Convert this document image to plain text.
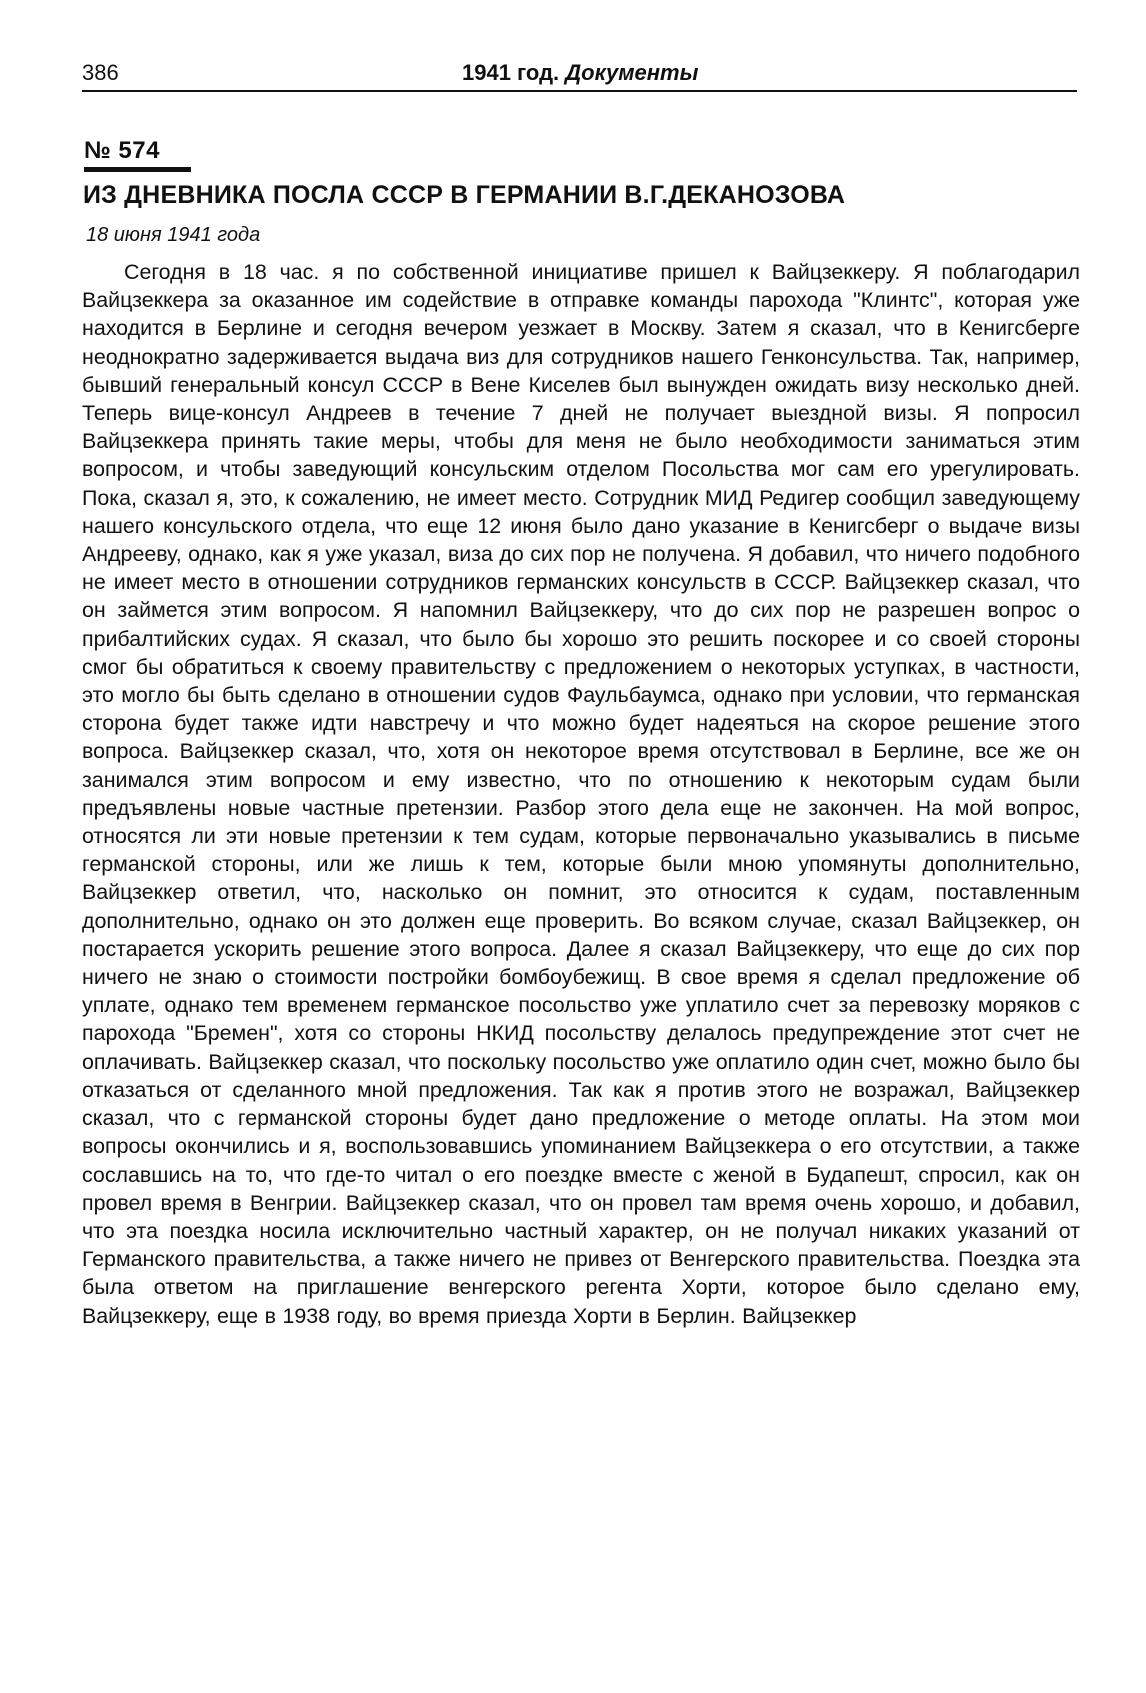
386	1941 год. Документы
№ 574
ИЗ ДНЕВНИКА ПОСЛА СССР В ГЕРМАНИИ В.Г.ДЕКАНОЗОВА
18 июня 1941 года

Сегодня в 18 час. я по собственной инициативе пришел к Вайцзеккеру. Я поблагодарил Вайцзеккера за оказанное им содействие в отправке команды парохода "Клинтс", которая уже находится в Берлине и сегодня вечером уезжает в Москву. Затем я сказал, что в Кенигсберге неоднократно задерживается выдача виз для сотрудников нашего Генконсульства. Так, например, бывший генеральный консул СССР в Вене Киселев был вынужден ожидать визу несколько дней. Теперь вице-консул Андреев в течение 7 дней не получает выездной визы. Я попросил Вайцзеккера принять такие меры, чтобы для меня не было необходимости заниматься этим вопросом, и чтобы заведующий консульским отделом Посольства мог сам его урегулировать. Пока, сказал я, это, к сожалению, не имеет место. Сотрудник МИД Редигер сообщил заведующему нашего консульского отдела, что еще 12 июня было дано указание в Кенигсберг о выдаче визы Андрееву, однако, как я уже указал, виза до сих пор не получена. Я добавил, что ничего подобного не имеет место в отношении сотрудников германских консульств в СССР. Вайцзеккер сказал, что он займется этим вопросом. Я напомнил Вайцзеккеру, что до сих пор не разрешен вопрос о прибалтийских судах. Я сказал, что было бы хорошо это решить поскорее и со своей стороны смог бы обратиться к своему правительству с предложением о некоторых уступках, в частности, это могло бы быть сделано в отношении судов Фаульбаумса, однако при условии, что германская сторона будет также идти навстречу и что можно будет надеяться на скорое решение этого вопроса. Вайцзеккер сказал, что, хотя он некоторое время отсутствовал в Берлине, все же он занимался этим вопросом и ему известно, что по отношению к некоторым судам были предъявлены новые частные претензии. Разбор этого дела еще не закончен. На мой вопрос, относятся ли эти новые претензии к тем судам, которые первоначально указывались в письме германской стороны, или же лишь к тем, которые были мною упомянуты дополнительно, Вайцзеккер ответил, что, насколько он помнит, это относится к судам, поставленным дополнительно, однако он это должен еще проверить. Во всяком случае, сказал Вайцзеккер, он постарается ускорить решение этого вопроса. Далее я сказал Вайцзеккеру, что еще до сих пор ничего не знаю о стоимости постройки бомбоубежищ. В свое время я сделал предложение об уплате, однако тем временем германское посольство уже уплатило счет за перевозку моряков с парохода "Бремен", хотя со стороны НКИД посольству делалось предупреждение этот счет не оплачивать. Вайцзеккер сказал, что поскольку посольство уже оплатило один счет, можно было бы отказаться от сделанного мной предложения. Так как я против этого не возражал, Вайцзеккер сказал, что с германской стороны будет дано предложение о методе оплаты. На этом мои вопросы окончились и я, воспользовавшись упоминанием Вайцзеккера о его отсутствии, а также сославшись на то, что где-то читал о его поездке вместе с женой в Будапешт, спросил, как он провел время в Венгрии. Вайцзеккер сказал, что он провел там время очень хорошо, и добавил, что эта поездка носила исключительно частный характер, он не получал никаких указаний от Германского правительства, а также ничего не привез от Венгерского правительства. Поездка эта была ответом на приглашение венгерского регента Хорти, которое было сделано ему, Вайцзеккеру, еще в 1938 году, во время приезда Хорти в Берлин. Вайцзеккер
